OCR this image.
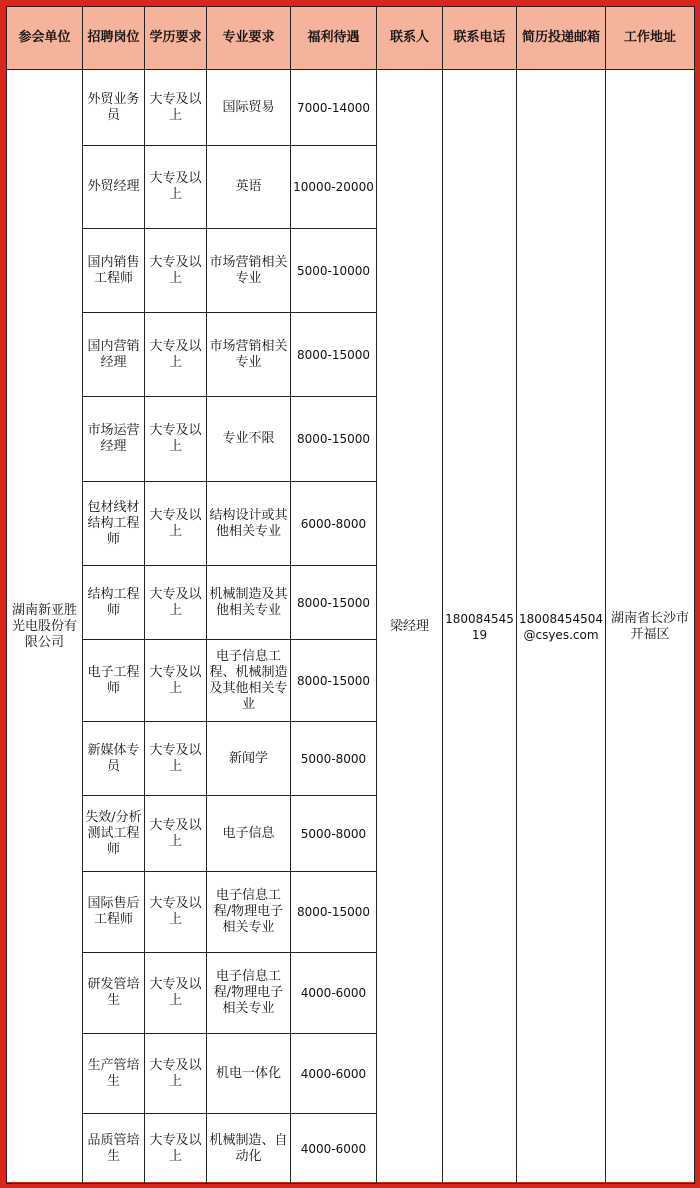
参会单位	招聘岗位	学历要求	专业要求	福利待遇	联系人	联系电话	简历投递邮箱	工作地址
湖南新亚胜光电股份有限公司	外贸业务员	大专及以上	国际贸易	7000-14000	梁经理	18008454519	18008454504@csyes.com	湖南省长沙市开福区
	外贸经理	大专及以上	英语	10000-20000				
	国内销售工程师	大专及以上	市场营销相关专业	5000-10000				
	国内营销经理	大专及以上	市场营销相关专业	8000-15000				
	市场运营经理	大专及以上	专业不限	8000-15000				
	包材线材结构工程师	大专及以上	结构设计或其他相关专业	6000-8000				
	结构工程师	大专及以上	机械制造及其他相关专业	8000-15000				
	电子工程师	大专及以上	电子信息工程、机械制造及其他相关专业	8000-15000				
	新媒体专员	大专及以上	新闻学	5000-8000				
	失效/分析测试工程师	大专及以上	电子信息	5000-8000				
	国际售后工程师	大专及以上	电子信息工程/物理电子相关专业	8000-15000				
	研发管培生	大专及以上	电子信息工程/物理电子相关专业	4000-6000				
	生产管培生	大专及以上	机电一体化	4000-6000				
	品质管培生	大专及以上	机械制造、自动化	4000-6000				
